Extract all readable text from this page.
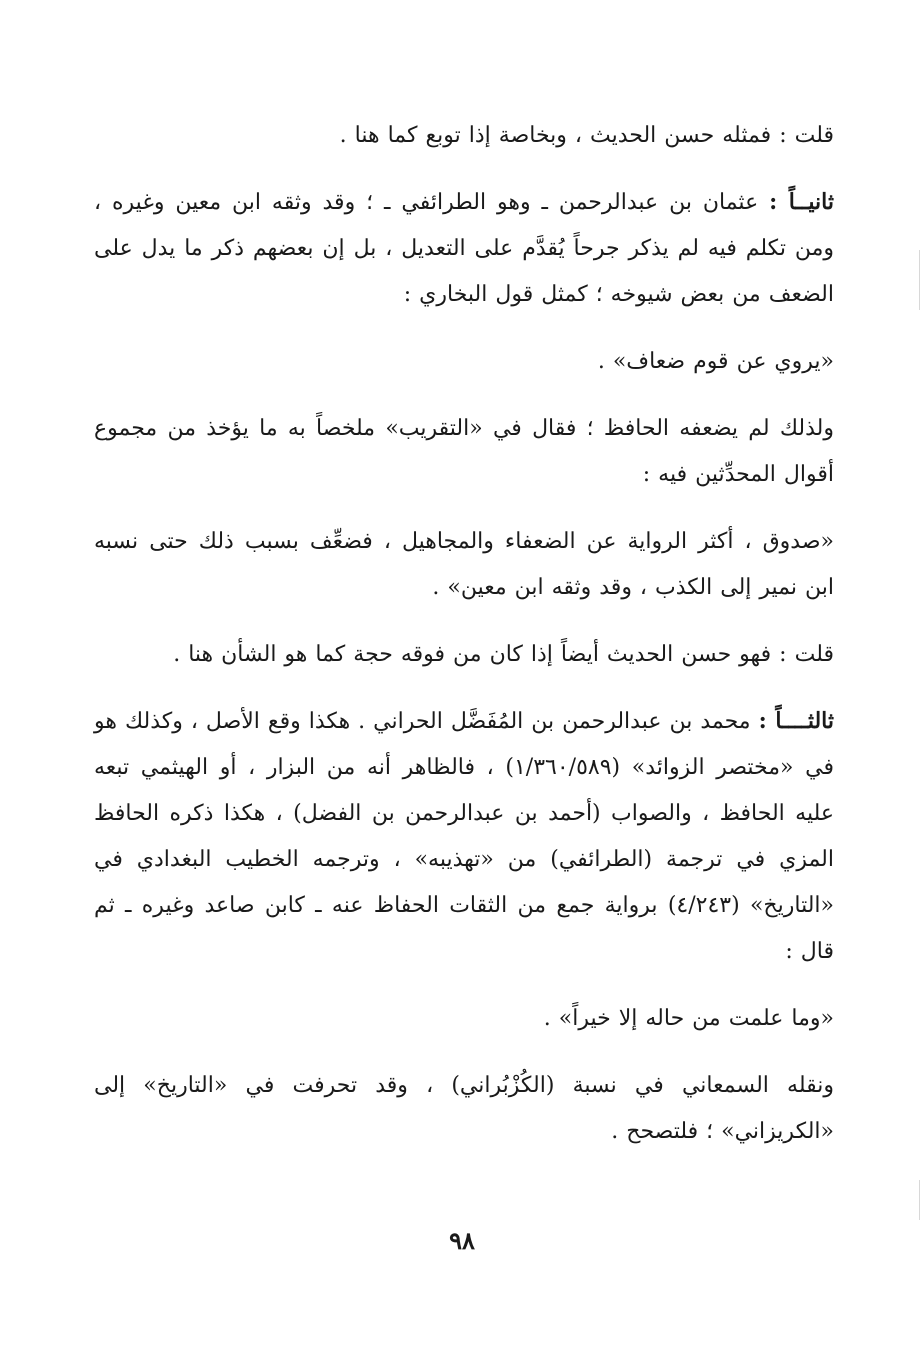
قلت : فمثله حسن الحديث ، وبخاصة إذا توبع كما هنا .

ثانيــاً : عثمان بن عبدالرحمن ـ وهو الطرائفي ـ ؛ وقد وثقه ابن معين وغيره ، ومن تكلم فيه لم يذكر جرحاً يُقدَّم على التعديل ، بل إن بعضهم ذكر ما يدل على الضعف من بعض شيوخه ؛ كمثل قول البخاري :

«يروي عن قوم ضعاف» .

ولذلك لم يضعفه الحافظ ؛ فقال في «التقريب» ملخصاً به ما يؤخذ من مجموع أقوال المحدِّثين فيه :

«صدوق ، أكثر الرواية عن الضعفاء والمجاهيل ، فضعِّف بسبب ذلك حتى نسبه ابن نمير إلى الكذب ، وقد وثقه ابن معين» .

قلت : فهو حسن الحديث أيضاً إذا كان من فوقه حجة كما هو الشأن هنا .

ثالثــــاً : محمد بن عبدالرحمن بن المُفَضَّل الحراني . هكذا وقع الأصل ، وكذلك هو في «مختصر الزوائد» (١/٣٦٠/٥٨٩) ، فالظاهر أنه من البزار ، أو الهيثمي تبعه عليه الحافظ ، والصواب (أحمد بن عبدالرحمن بن الفضل) ، هكذا ذكره الحافظ المزي في ترجمة (الطرائفي) من «تهذيبه» ، وترجمه الخطيب البغدادي في «التاريخ» (٤/٢٤٣) برواية جمع من الثقات الحفاظ عنه ـ كابن صاعد وغيره ـ ثم قال :

«وما علمت من حاله إلا خيراً» .

ونقله السمعاني في نسبة (الكُزْبُراني) ، وقد تحرفت في «التاريخ» إلى «الكريزاني» ؛ فلتصحح .

٩٨
